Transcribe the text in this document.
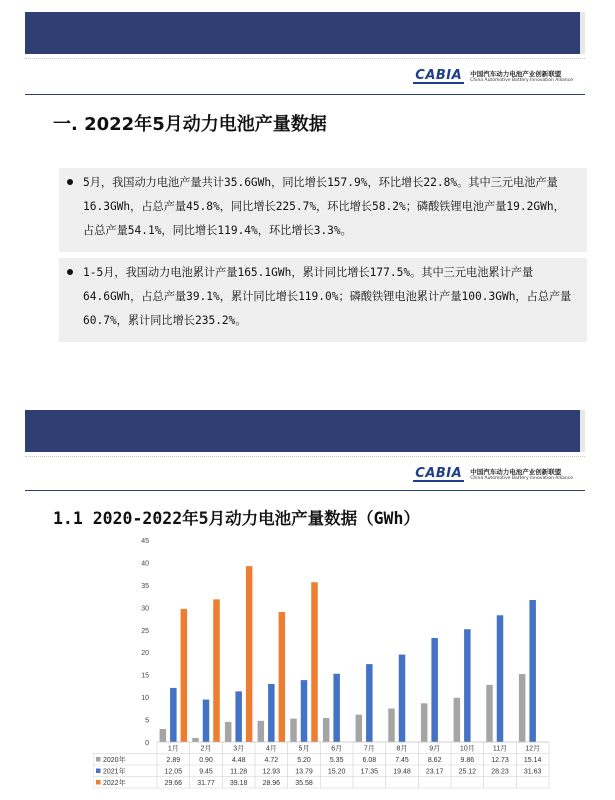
CABIA	中国汽车动力电池产业创新联盟
China Automotive Battery Innovation Alliance
一. 2022年5月动力电池产量数据
5月，我国动力电池产量共计35.6GWh，同比增长157.9%，环比增长22.8%。其中三元电池产量16.3GWh，占总产量45.8%，同比增长225.7%，环比增长58.2%；磷酸铁锂电池产量19.2GWh，占总产量54.1%，同比增长119.4%，环比增长3.3%。
1-5月，我国动力电池累计产量165.1GWh，累计同比增长177.5%。其中三元电池累计产量64.6GWh，占总产量39.1%，累计同比增长119.0%；磷酸铁锂电池累计产量100.3GWh，占总产量60.7%，累计同比增长235.2%。
CABIA	中国汽车动力电池产业创新联盟
China Automotive Battery Innovation Alliance
1.1 2020-2022年5月动力电池产量数据（GWh）
0
5
10
15
20
25
30
35
40
45
1月	2月	3月	4月	5月	6月	7月	8月	9月	10月	11月	12月
2020年	2.89	0.90	4.48	4.72	5.20	5.35	6.08	7.45	8.62	9.86 12.73 15.14
2021年	12.05 9.45 11.28 12.93 13.79 15.20 17.35 19.48 23.17 25.12 28.23 31.63
2022年	29.66 31.77 39.18 28.96 35.58
